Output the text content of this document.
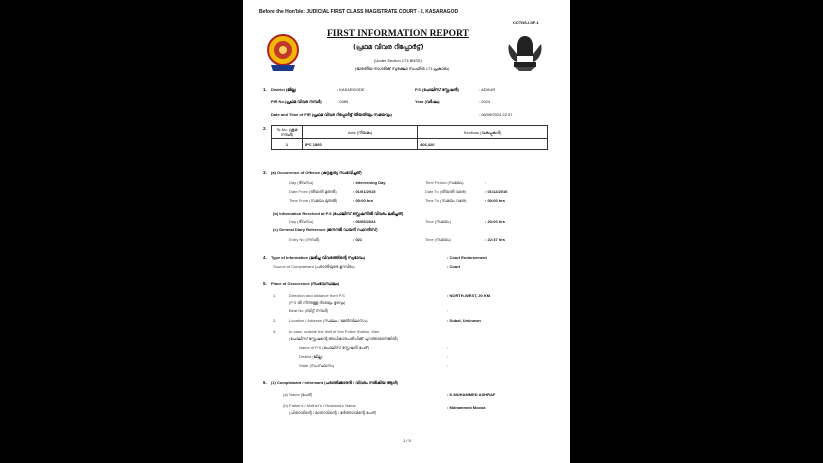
Before the Hon'ble: JUDICIAL FIRST CLASS MAGISTRATE COURT - I, KASARAGOD
CCTNS-I-IIF-1
FIRST INFORMATION REPORT
(പ്രഥമ വിവര റിപ്പോർട്ട്)
(Under Section 173 BNSS)
(ഭാരതീയ നാഗരിക് സുരക്ഷാ സംഹിത 173 പ്രകാരം)
1. District (ജില്ല)	: KASARGODE	P.S (പോലീസ് സ്റ്റേഷൻ)	: ADHUR
FIR No.(പ്രഥമ വിവര നമ്പർ)	: 0389	Year (വർഷം)	: 2024
Date and Time of FIR (പ്രഥമ വിവര റിപ്പോർട്ട് തീയതിയും സമയവും)	: 06/09/2024 22:37
2. Sr.No. (ക്രമ നമ്പർ)	Acts (നിയമം)	Sections (വകുപ്പുകൾ)
1	IPC 1860	406,420
3. (a) Occurrence of Offence (കുറ്റകൃത്യ സംഭവിച്ചത്)
Day (ദിവസം)	: Intervening Day	Time Period (സമയം)	:
Date From (തീയതി മുതൽ)	: 01/01/2015	Date To (തീയതി വരെ)	: 01/12/2016
Time From (സമയം മുതൽ)	: 00:00 hrs	Time To (സമയം വരെ)	: 00:00 hrs
(b) Information Received at P.S (പോലീസ് സ്റ്റേഷനിൽ വിവരം ലഭിച്ചത്)
Day (ദിവസം)	: 06/09/2024	Time (സമയം)	: 20:00 hrs
(c) General Diary Reference (ജനറൽ ഡയറി റഫറൻസ്)
Entry No (നമ്പർ)	: 021	Time (സമയം)	: 22:37 hrs
4. Type of Information (ലഭിച്ച വിവരത്തിന്റെ സ്വഭാവം)	: Court Endorsement
Source of Complainant (പരാതിയുടെ ഉറവിടം)	: Court
5. Place of Occurrence (സംഭവസ്ഥലം)
1.	Direction and distance from P.S
(P.S ൽ നിന്നുള്ള ദിശയും ദൂരവും)
: NORTH-WEST, 20 KM
Beat No (ബീറ്റ് നമ്പർ)	:
2.	Location / Address (സ്ഥലം / മേൽവിലാസം)	: Dubai, Unknown
3.	In case, outside the limit of this Police Station, then
(പോലീസ് സ്റ്റേഷന്റെ അധികാരപരിധിക്ക് പുറത്താണെങ്കിൽ)
Name of P.S (പോലീസ് സ്റ്റേഷൻ പേര്)	:
District (ജില്ല)	:
State (സംസ്ഥാനം)	:
6. (1) Complainant / Informant (പരാതിക്കാരൻ / വിവരം നൽകിയ ആൾ)
(a) Name (പേര്)	: K.MUHAMMED ASHRAF
(b) Father's / Mother's / Husband's Name
(പിതാവിന്റെ / മാതാവിന്റെ / ഭർത്താവിന്റെ പേര്)
: Mohammed Moosa
1 / 5
